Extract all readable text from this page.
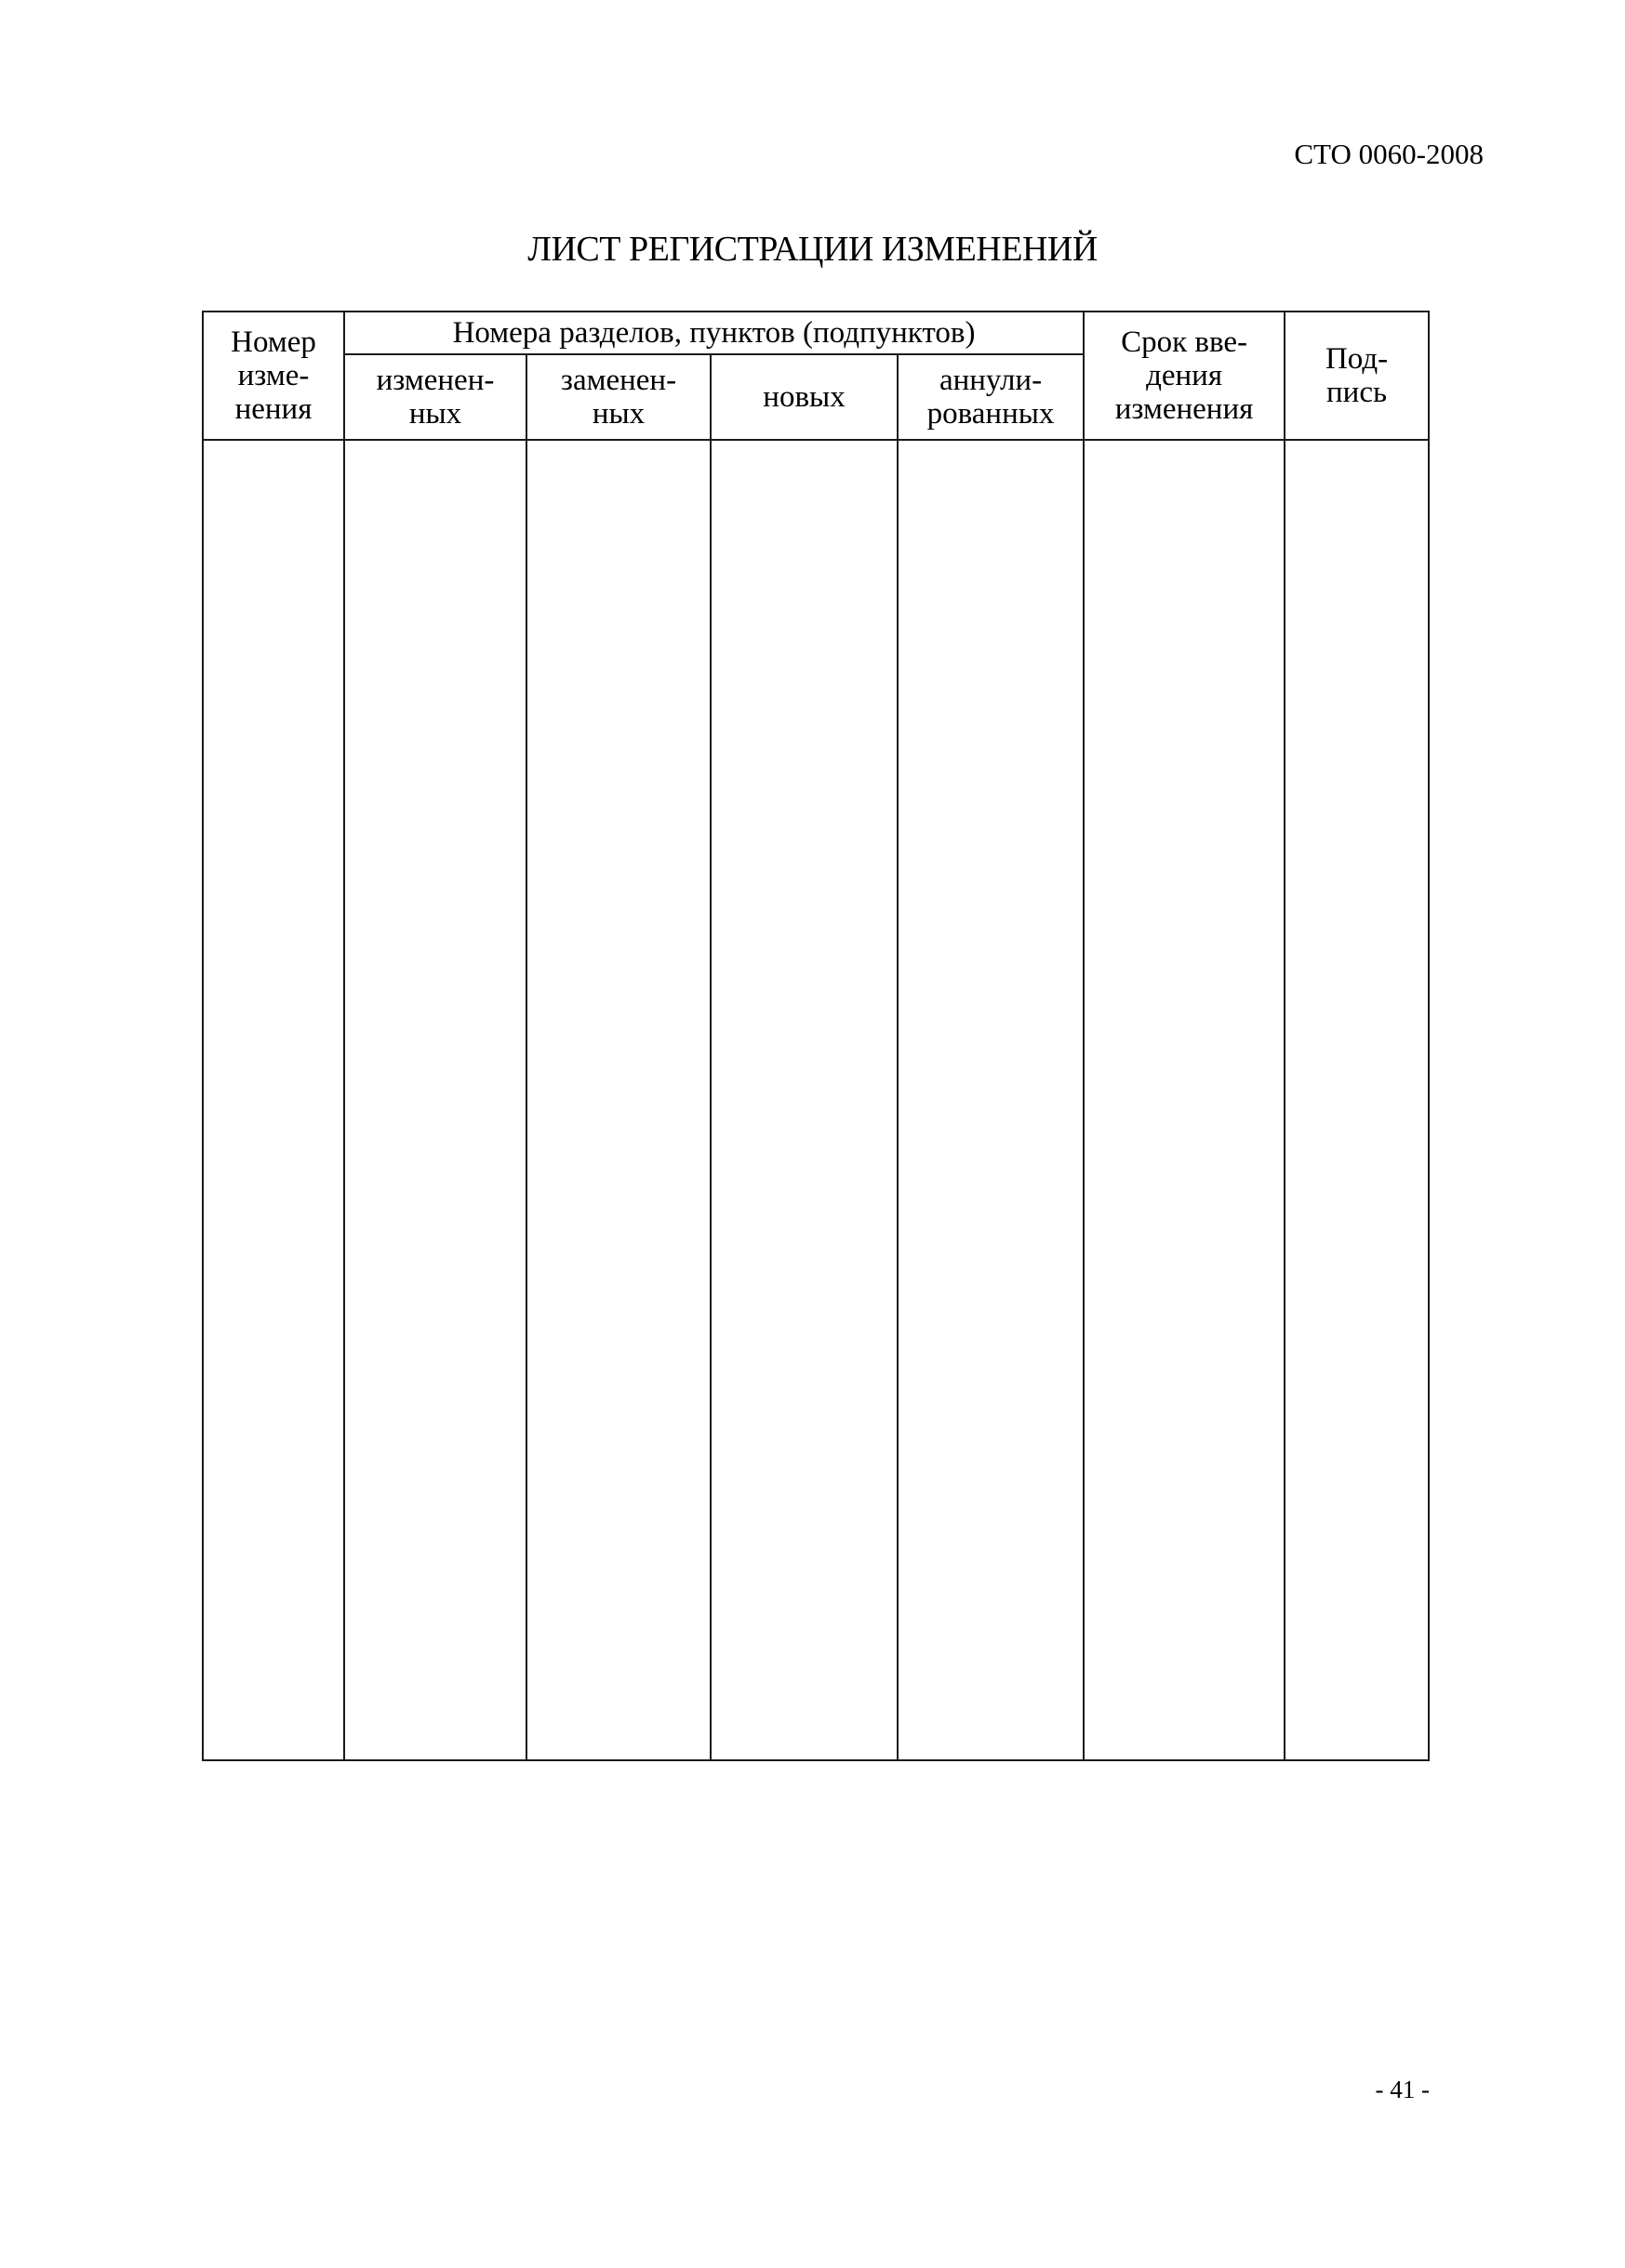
СТО 0060-2008
ЛИСТ РЕГИСТРАЦИИ ИЗМЕНЕНИЙ
Номер изме- нения	Номера разделов, пунктов (подпунктов)				Срок вве- дения изменения	Под- пись

	изменен- ных	заменен- ных	новых	аннули- рованных		

- 41 -
